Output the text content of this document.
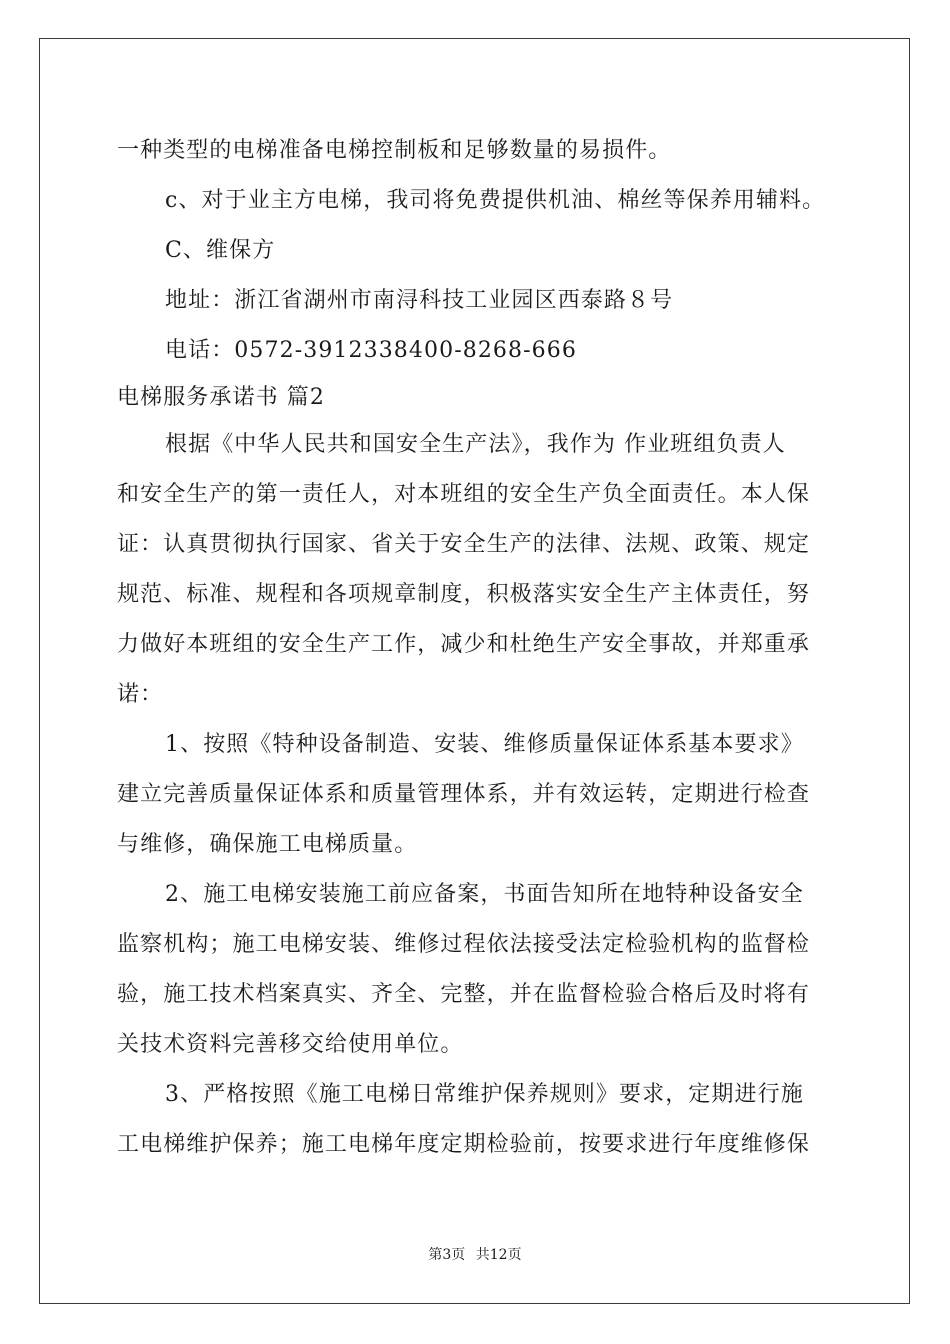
一种类型的电梯准备电梯控制板和足够数量的易损件。
c、对于业主方电梯，我司将免费提供机油、棉丝等保养用辅料。
C、维保方
地址：浙江省湖州市南浔科技工业园区西泰路８号
电话：0572-3912338400-8268-666
电梯服务承诺书 篇2
根据《中华人民共和国安全生产法》，我作为 作业班组负责人
和安全生产的第一责任人，对本班组的安全生产负全面责任。本人保
证：认真贯彻执行国家、省关于安全生产的法律、法规、政策、规定
规范、标准、规程和各项规章制度，积极落实安全生产主体责任，努
力做好本班组的安全生产工作，减少和杜绝生产安全事故，并郑重承
诺：
1、按照《特种设备制造、安装、维修质量保证体系基本要求》
建立完善质量保证体系和质量管理体系，并有效运转，定期进行检查
与维修，确保施工电梯质量。
2、施工电梯安装施工前应备案，书面告知所在地特种设备安全
监察机构；施工电梯安装、维修过程依法接受法定检验机构的监督检
验，施工技术档案真实、齐全、完整，并在监督检验合格后及时将有
关技术资料完善移交给使用单位。
3、严格按照《施工电梯日常维护保养规则》要求，定期进行施
工电梯维护保养；施工电梯年度定期检验前，按要求进行年度维修保
第3页 共12页
